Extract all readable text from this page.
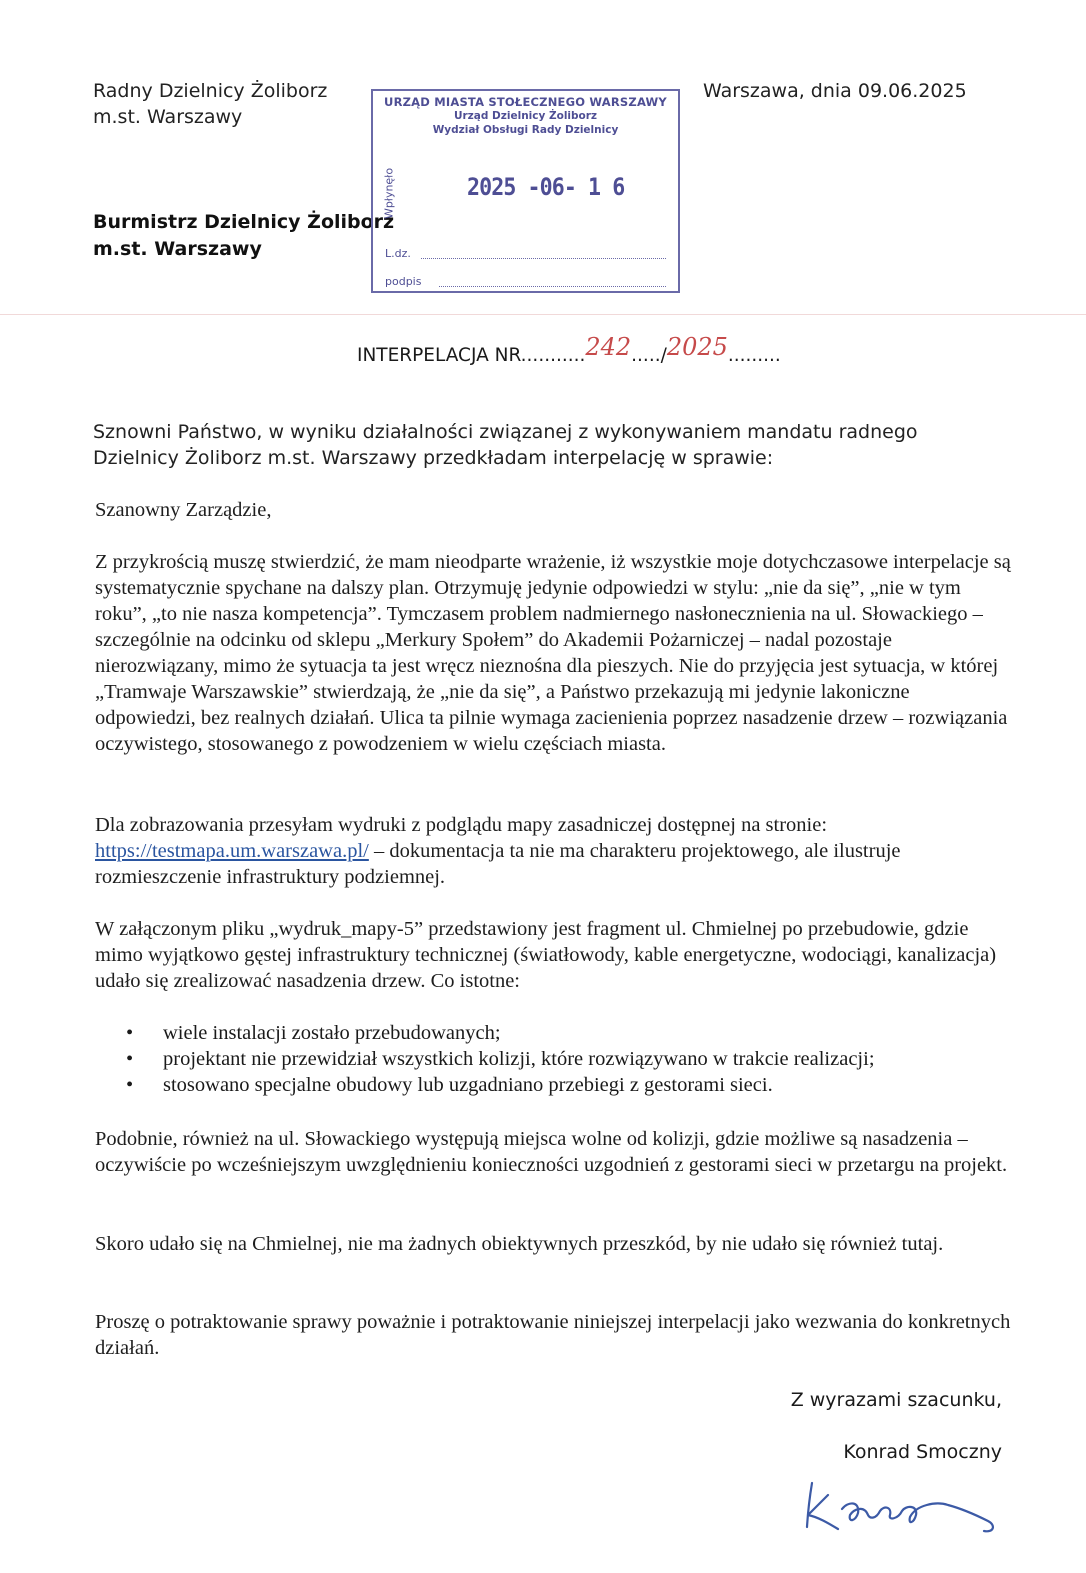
Radny Dzielnicy Żoliborz
m.st. Warszawy
Warszawa, dnia 09.06.2025
Burmistrz Dzielnicy Żoliborz
m.st. Warszawy
URZĄD MIASTA STOŁECZNEGO WARSZAWY
Urząd Dzielnicy Żoliborz
Wydział Obsługi Rady Dzielnicy
Wpłynęło	2025 -06- 1 6
L.dz.
podpis
INTERPELACJA NR...........242...../2025.........
Sznowni Państwo, w wyniku działalności związanej z wykonywaniem mandatu radnego Dzielnicy Żoliborz m.st. Warszawy przedkładam interpelację w sprawie:
Szanowny Zarządzie,
Z przykrością muszę stwierdzić, że mam nieodparte wrażenie, iż wszystkie moje dotychczasowe interpelacje są systematycznie spychane na dalszy plan. Otrzymuję jedynie odpowiedzi w stylu: „nie da się”, „nie w tym roku”, „to nie nasza kompetencja”. Tymczasem problem nadmiernego nasłonecznienia na ul. Słowackiego – szczególnie na odcinku od sklepu „Merkury Społem” do Akademii Pożarniczej – nadal pozostaje nierozwiązany, mimo że sytuacja ta jest wręcz nieznośna dla pieszych. Nie do przyjęcia jest sytuacja, w której „Tramwaje Warszawskie” stwierdzają, że „nie da się”, a Państwo przekazują mi jedynie lakoniczne odpowiedzi, bez realnych działań. Ulica ta pilnie wymaga zacienienia poprzez nasadzenie drzew – rozwiązania oczywistego, stosowanego z powodzeniem w wielu częściach miasta.
Dla zobrazowania przesyłam wydruki z podglądu mapy zasadniczej dostępnej na stronie: https://testmapa.um.warszawa.pl/ – dokumentacja ta nie ma charakteru projektowego, ale ilustruje rozmieszczenie infrastruktury podziemnej.
W załączonym pliku „wydruk_mapy-5” przedstawiony jest fragment ul. Chmielnej po przebudowie, gdzie mimo wyjątkowo gęstej infrastruktury technicznej (światłowody, kable energetyczne, wodociągi, kanalizacja) udało się zrealizować nasadzenia drzew. Co istotne:
• wiele instalacji zostało przebudowanych;
• projektant nie przewidział wszystkich kolizji, które rozwiązywano w trakcie realizacji;
• stosowano specjalne obudowy lub uzgadniano przebiegi z gestorami sieci.
Podobnie, również na ul. Słowackiego występują miejsca wolne od kolizji, gdzie możliwe są nasadzenia – oczywiście po wcześniejszym uwzględnieniu konieczności uzgodnień z gestorami sieci w przetargu na projekt.
Skoro udało się na Chmielnej, nie ma żadnych obiektywnych przeszkód, by nie udało się również tutaj.
Proszę o potraktowanie sprawy poważnie i potraktowanie niniejszej interpelacji jako wezwania do konkretnych działań.
Z wyrazami szacunku,
Konrad Smoczny
